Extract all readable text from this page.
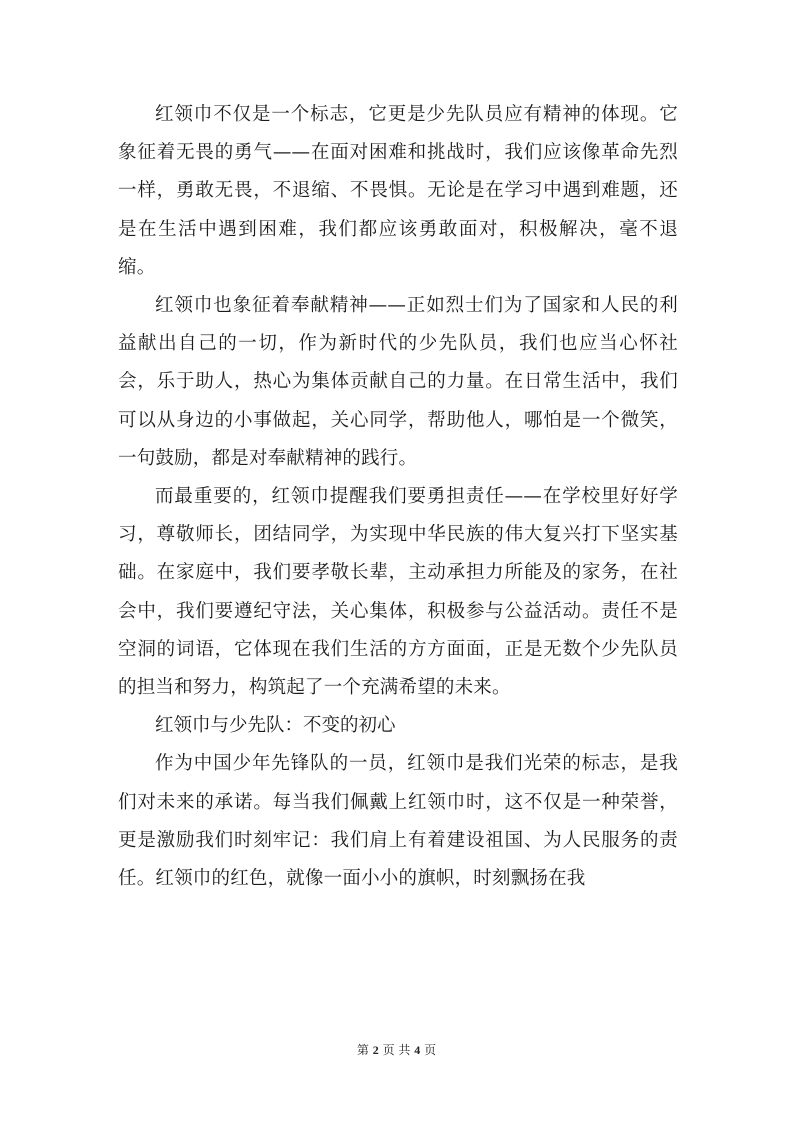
红领巾不仅是一个标志，它更是少先队员应有精神的体现。它象征着无畏的勇气——在面对困难和挑战时，我们应该像革命先烈一样，勇敢无畏，不退缩、不畏惧。无论是在学习中遇到难题，还是在生活中遇到困难，我们都应该勇敢面对，积极解决，毫不退缩。

红领巾也象征着奉献精神——正如烈士们为了国家和人民的利益献出自己的一切，作为新时代的少先队员，我们也应当心怀社会，乐于助人，热心为集体贡献自己的力量。在日常生活中，我们可以从身边的小事做起，关心同学，帮助他人，哪怕是一个微笑，一句鼓励，都是对奉献精神的践行。

而最重要的，红领巾提醒我们要勇担责任——在学校里好好学习，尊敬师长，团结同学，为实现中华民族的伟大复兴打下坚实基础。在家庭中，我们要孝敬长辈，主动承担力所能及的家务，在社会中，我们要遵纪守法，关心集体，积极参与公益活动。责任不是空洞的词语，它体现在我们生活的方方面面，正是无数个少先队员的担当和努力，构筑起了一个充满希望的未来。

红领巾与少先队：不变的初心

作为中国少年先锋队的一员，红领巾是我们光荣的标志，是我们对未来的承诺。每当我们佩戴上红领巾时，这不仅是一种荣誉，更是激励我们时刻牢记：我们肩上有着建设祖国、为人民服务的责任。红领巾的红色，就像一面小小的旗帜，时刻飘扬在我

第 2 页 共 4 页
